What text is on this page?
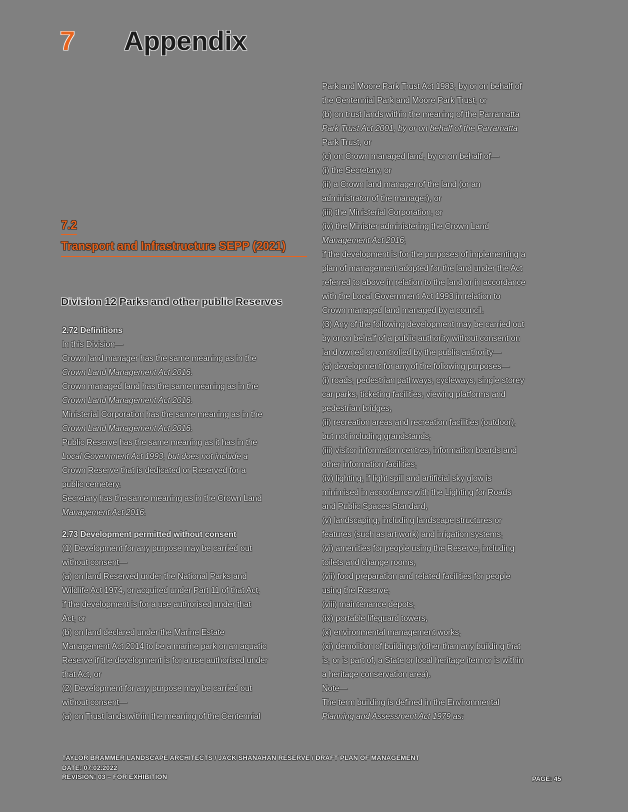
7	Appendix
7.2
Transport and Infrastructure SEPP (2021)
Division 12 Parks and other public Reserves
2.72 Definitions
In this Division—
Crown land manager has the same meaning as in the
Crown Land Management Act 2016.
Crown managed land has the same meaning as in the
Crown Land Management Act 2016.
Ministerial Corporation has the same meaning as in the
Crown Land Management Act 2016.
Public Reserve has the same meaning as it has in the
Local Government Act 1993, but does not include a
Crown Reserve that is dedicated or Reserved for a
public cemetery.
Secretary has the same meaning as in the Crown Land
Management Act 2016.
2.73 Development permitted without consent
(1) Development for any purpose may be carried out
without consent—
(a) on land Reserved under the National Parks and
Wildlife Act 1974, or acquired under Part 11 of that Act,
if the development is for a use authorised under that
Act, or
(b) on land declared under the Marine Estate
Management Act 2014 to be a marine park or an aquatic
Reserve if the development is for a use authorised under
that Act, or
(2) Development for any purpose may be carried out
without consent—
(a) on Trust lands within the meaning of the Centennial
Park and Moore Park Trust Act 1983, by or on behalf of
the Centennial Park and Moore Park Trust, or
(b) on trust lands within the meaning of the Parramatta
Park Trust Act 2001, by or on behalf of the Parramatta
Park Trust, or
(c) on Crown managed land, by or on behalf of—
(i) the Secretary, or
(ii) a Crown land manager of the land (or an
administrator of the manager), or
(iii) the Ministerial Corporation, or
(iv) the Minister administering the Crown Land
Management Act 2016,
if the development is for the purposes of implementing a
plan of management adopted for the land under the Act
referred to above in relation to the land or in accordance
with the Local Government Act 1993 in relation to
Crown managed land managed by a council.
(3) Any of the following development may be carried out
by or on behalf of a public authority without consent on
land owned or controlled by the public authority—
(a) development for any of the following purposes—
(i) roads, pedestrian pathways, cycleways, single storey
car parks, ticketing facilities, viewing platforms and
pedestrian bridges,
(ii) recreation areas and recreation facilities (outdoor),
but not including grandstands,
(iii) visitor information centres, information boards and
other information facilities,
(iv) lighting, if light spill and artificial sky glow is
minimised in accordance with the Lighting for Roads
and Public Spaces Standard,
(v) landscaping, including landscape structures or
features (such as art work) and irrigation systems,
(vi) amenities for people using the Reserve, including
toilets and change rooms,
(vii) food preparation and related facilities for people
using the Reserve,
(viii) maintenance depots,
(ix) portable lifeguard towers,
(x) environmental management works,
(xi) demolition of buildings (other than any building that
is, or is part of, a State or local heritage item or is within
a heritage conservation area).
Note—
The term building is defined in the Environmental
Planning and Assessment Act 1979 as:
TAYLOR BRAMMER LANDSCAPE ARCHITECTS / JACK SHANAHAN RESERVE / DRAFT PLAN OF MANAGEMENT
DATE: 07.02.2022
REVISION: 03 – FOR EXHIBITION	PAGE: 45
